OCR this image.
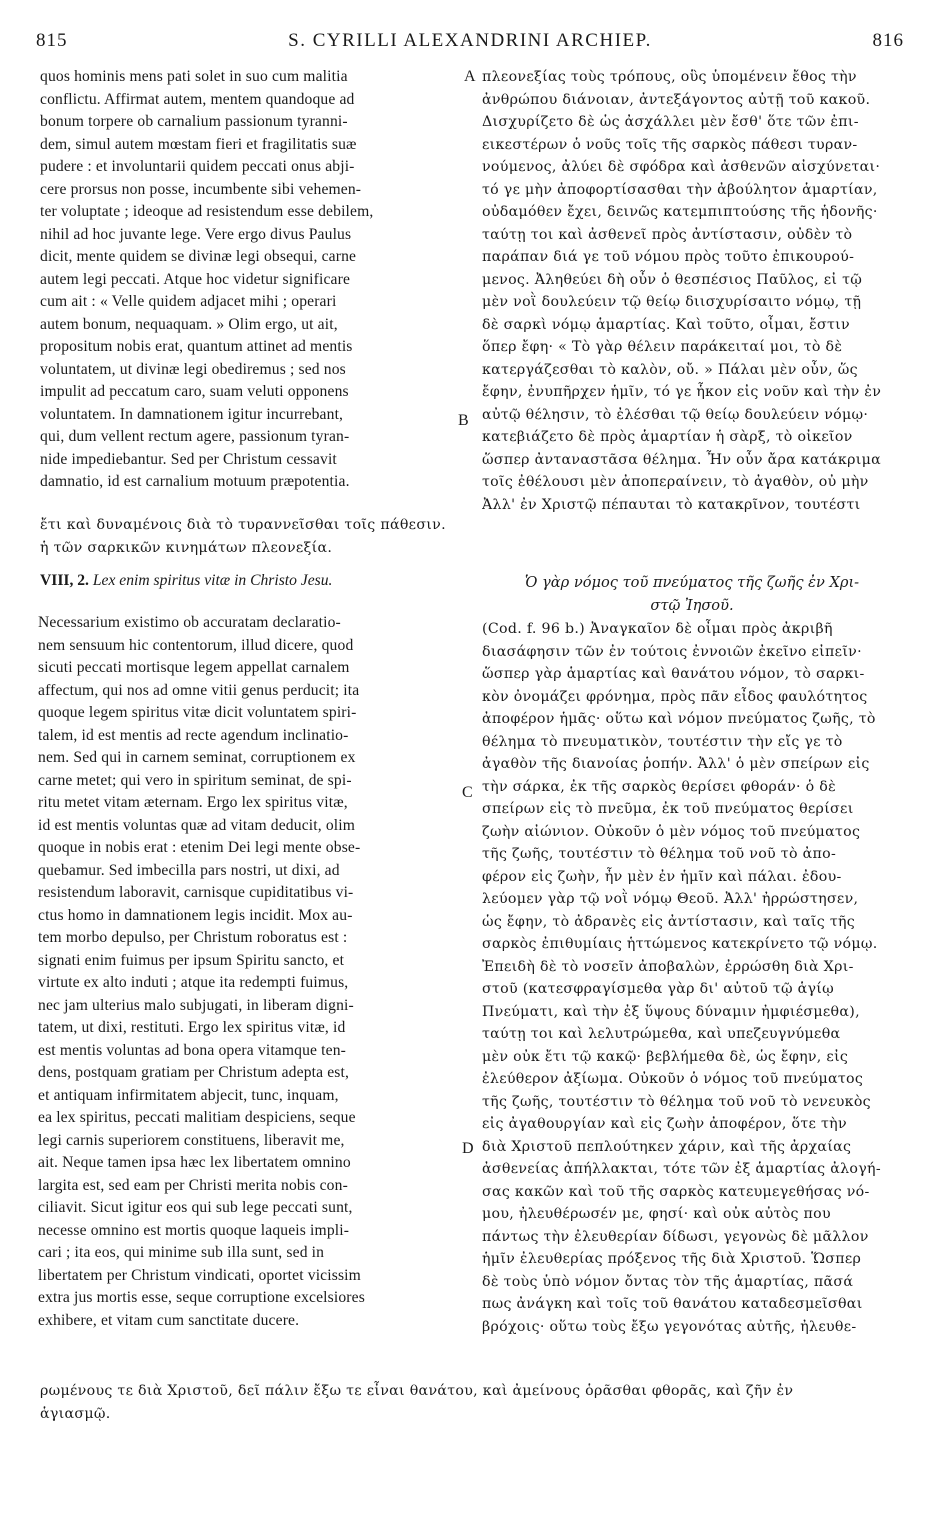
815	S. CYRILLI ALEXANDRINI ARCHIEP.	816
A
B
C
D
quos hominis mens pati solet in suo cum malitia
conflictu. Affirmat autem, mentem quandoque ad
bonum torpere ob carnalium passionum tyranni-
dem, simul autem mœstam fieri et fragilitatis suæ
pudere : et involuntarii quidem peccati onus abji-
cere prorsus non posse, incumbente sibi vehemen-
ter voluptate ; ideoque ad resistendum esse debilem,
nihil ad hoc juvante lege. Vere ergo divus Paulus
dicit, mente quidem se divinæ legi obsequi, carne
autem legi peccati. Atque hoc videtur significare
cum ait : « Velle quidem adjacet mihi ; operari
autem bonum, nequaquam. » Olim ergo, ut ait,
propositum nobis erat, quantum attinet ad mentis
voluntatem, ut divinæ legi obediremus ; sed nos
impulit ad peccatum caro, suam veluti opponens
voluntatem. In damnationem igitur incurrebant,
qui, dum vellent rectum agere, passionum tyran-
nide impediebantur. Sed per Christum cessavit
damnatio, id est carnalium motuum præpotentia.
ἔτι καὶ δυναμένοις διὰ τὸ τυραννεῖσθαι τοῖς πάθεσιν.
ἡ τῶν σαρκικῶν κινημάτων πλεονεξία.
πλεονεξίας τοὺς τρόπους, οὓς ὑπομένειν ἔθος τὴν
ἀνθρώπου διάνοιαν, ἀντεξάγοντος αὐτῇ τοῦ κακοῦ.
Δισχυρίζετο δὲ ὡς ἀσχάλλει μὲν ἔσθ' ὅτε τῶν ἐπι-
εικεστέρων ὁ νοῦς τοῖς τῆς σαρκὸς πάθεσι τυραν-
νούμενος, ἀλύει δὲ σφόδρα καὶ ἀσθενῶν αἰσχύνεται·
τό γε μὴν ἀποφορτίσασθαι τὴν ἀβούλητον ἁμαρτίαν,
οὐδαμόθεν ἔχει, δεινῶς κατεμπιπτούσης τῆς ἡδονῆς·
ταύτῃ τοι καὶ ἀσθενεῖ πρὸς ἀντίστασιν, οὐδὲν τὸ
παράπαν διά γε τοῦ νόμου πρὸς τοῦτο ἐπικουρού-
μενος. Ἀληθεύει δὴ οὖν ὁ θεσπέσιος Παῦλος, εἰ τῷ
μὲν νοῒ δουλεύειν τῷ θείῳ διισχυρίσαιτο νόμῳ, τῇ
δὲ σαρκὶ νόμῳ ἁμαρτίας. Καὶ τοῦτο, οἶμαι, ἔστιν
ὅπερ ἔφη· « Τὸ γὰρ θέλειν παράκειταί μοι, τὸ δὲ
κατεργάζεσθαι τὸ καλὸν, οὔ. » Πάλαι μὲν οὖν, ὥς
ἔφην, ἐνυπῆρχεν ἡμῖν, τό γε ἧκον εἰς νοῦν καὶ τὴν ἐν
αὐτῷ θέλησιν, τὸ ἐλέσθαι τῷ θείῳ δουλεύειν νόμῳ·
κατεβιάζετο δὲ πρὸς ἁμαρτίαν ἡ σὰρξ, τὸ οἰκεῖον
ὥσπερ ἀνταναστᾶσα θέλημα. Ἦν οὖν ἄρα κατάκριμα
τοῖς ἐθέλουσι μὲν ἀποπεραίνειν, τὸ ἀγαθὸν, οὐ μὴν
Ἀλλ' ἐν Χριστῷ πέπαυται τὸ κατακρῖνον, τουτέστι
VIII, 2. Lex enim spiritus vitæ in Christo Jesu.	Ὁ γὰρ νόμος τοῦ πνεύματος τῆς ζωῆς ἐν Χρι-
στῷ Ἰησοῦ.
Necessarium existimo ob accuratam declaratio-
nem sensuum hic contentorum, illud dicere, quod
sicuti peccati mortisque legem appellat carnalem
affectum, qui nos ad omne vitii genus perducit; ita
quoque legem spiritus vitæ dicit voluntatem spiri-
talem, id est mentis ad recte agendum inclinatio-
nem. Sed qui in carnem seminat, corruptionem ex
carne metet; qui vero in spiritum seminat, de spi-
ritu metet vitam æternam. Ergo lex spiritus vitæ,
id est mentis voluntas quæ ad vitam deducit, olim
quoque in nobis erat : etenim Dei legi mente obse-
quebamur. Sed imbecilla pars nostri, ut dixi, ad
resistendum laboravit, carnisque cupiditatibus vi-
ctus homo in damnationem legis incidit. Mox au-
tem morbo depulso, per Christum roboratus est :
signati enim fuimus per ipsum Spiritu sancto, et
virtute ex alto induti ; atque ita redempti fuimus,
nec jam ulterius malo subjugati, in liberam digni-
tatem, ut dixi, restituti. Ergo lex spiritus vitæ, id
est mentis voluntas ad bona opera vitamque ten-
dens, postquam gratiam per Christum adepta est,
et antiquam infirmitatem abjecit, tunc, inquam,
ea lex spiritus, peccati malitiam despiciens, seque
legi carnis superiorem constituens, liberavit me,
ait. Neque tamen ipsa hæc lex libertatem omnino
largita est, sed eam per Christi merita nobis con-
ciliavit. Sicut igitur eos qui sub lege peccati sunt,
necesse omnino est mortis quoque laqueis impli-
cari ; ita eos, qui minime sub illa sunt, sed in
libertatem per Christum vindicati, oportet vicissim
extra jus mortis esse, seque corruptione excelsiores
exhibere, et vitam cum sanctitate ducere.
(Cod. f. 96 b.) Ἀναγκαῖον δὲ οἶμαι πρὸς ἀκριβῆ
διασάφησιν τῶν ἐν τούτοις ἐννοιῶν ἐκεῖνο εἰπεῖν·
ὥσπερ γὰρ ἁμαρτίας καὶ θανάτου νόμον, τὸ σαρκι-
κὸν ὀνομάζει φρόνημα, πρὸς πᾶν εἶδος φαυλότητος
ἀποφέρον ἡμᾶς· οὕτω καὶ νόμον πνεύματος ζωῆς, τὸ
θέλημα τὸ πνευματικὸν, τουτέστιν τὴν εἴς γε τὸ
ἀγαθὸν τῆς διανοίας ῥοπήν. Ἀλλ' ὁ μὲν σπείρων εἰς
τὴν σάρκα, ἐκ τῆς σαρκὸς θερίσει φθοράν· ὁ δὲ
σπείρων εἰς τὸ πνεῦμα, ἐκ τοῦ πνεύματος θερίσει
ζωὴν αἰώνιον. Οὐκοῦν ὁ μὲν νόμος τοῦ πνεύματος
τῆς ζωῆς, τουτέστιν τὸ θέλημα τοῦ νοῦ τὸ ἀπο-
φέρον εἰς ζωὴν, ἦν μὲν ἐν ἡμῖν καὶ πάλαι. ἐδου-
λεύομεν γὰρ τῷ νοῒ νόμῳ Θεοῦ. Ἀλλ' ἠρρώστησεν,
ὡς ἔφην, τὸ ἀδρανὲς εἰς ἀντίστασιν, καὶ ταῖς τῆς
σαρκὸς ἐπιθυμίαις ἡττώμενος κατεκρίνετο τῷ νόμῳ.
Ἐπειδὴ δὲ τὸ νοσεῖν ἀποβαλὼν, ἐρρώσθη διὰ Χρι-
στοῦ (κατεσφραγίσμεθα γὰρ δι' αὐτοῦ τῷ ἁγίῳ
Πνεύματι, καὶ τὴν ἐξ ὕψους δύναμιν ἠμφιέσμεθα),
ταύτῃ τοι καὶ λελυτρώμεθα, καὶ υπεζευγνύμεθα
μὲν οὐκ ἔτι τῷ κακῷ· βεβλήμεθα δὲ, ὡς ἔφην, εἰς
ἐλεύθερον ἀξίωμα. Οὐκοῦν ὁ νόμος τοῦ πνεύματος
τῆς ζωῆς, τουτέστιν τὸ θέλημα τοῦ νοῦ τὸ νενευκὸς
εἰς ἀγαθουργίαν καὶ εἰς ζωὴν ἀποφέρον, ὅτε τὴν
διὰ Χριστοῦ πεπλούτηκεν χάριν, καὶ τῆς ἀρχαίας
ἀσθενείας ἀπήλλακται, τότε τῶν ἐξ ἁμαρτίας ἀλογή-
σας κακῶν καὶ τοῦ τῆς σαρκὸς κατευμεγεθήσας νό-
μου, ἠλευθέρωσέν με, φησί· καὶ οὐκ αὐτὸς που
πάντως τὴν ἐλευθερίαν δίδωσι, γεγονὼς δὲ μᾶλλον
ἡμῖν ἐλευθερίας πρόξενος τῆς διὰ Χριστοῦ. Ὥσπερ
δὲ τοὺς ὑπὸ νόμον ὄντας τὸν τῆς ἁμαρτίας, πᾶσά
πως ἀνάγκη καὶ τοῖς τοῦ θανάτου καταδεσμεῖσθαι
βρόχοις· οὕτω τοὺς ἔξω γεγονότας αὐτῆς, ἠλευθε-
ρωμένους τε διὰ Χριστοῦ, δεῖ πάλιν ἔξω τε εἶναι θανάτου, καὶ ἀμείνους ὁρᾶσθαι φθορᾶς, καὶ ζῆν ἐν
ἁγιασμῷ.
